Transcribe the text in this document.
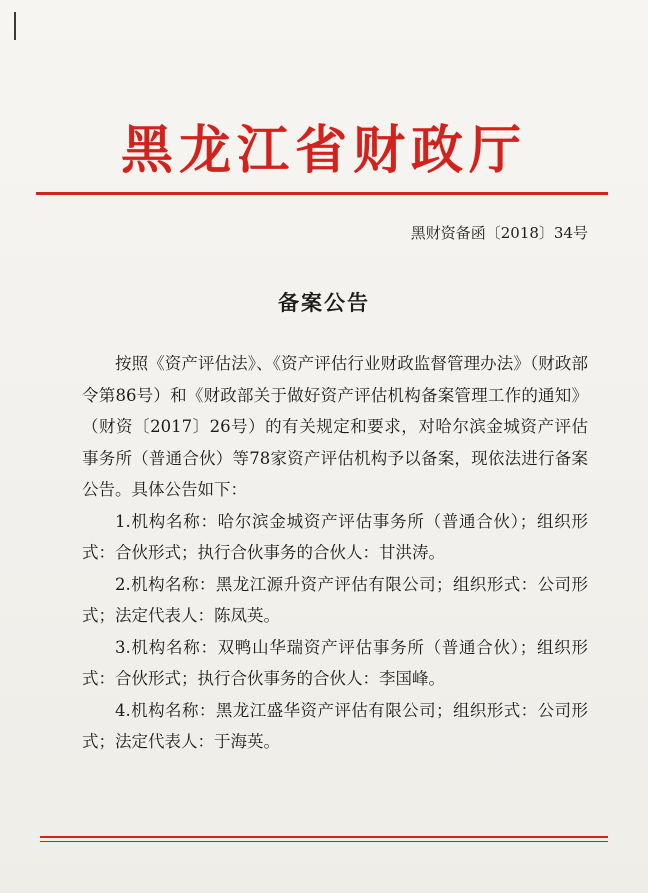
黑龙江省财政厅
黑财资备函〔2018〕34号
备案公告

按照《资产评估法》、《资产评估行业财政监督管理办法》（财政部令第86号）和《财政部关于做好资产评估机构备案管理工作的通知》（财资〔2017〕26号）的有关规定和要求，对哈尔滨金城资产评估事务所（普通合伙）等78家资产评估机构予以备案，现依法进行备案公告。具体公告如下：

1.机构名称：哈尔滨金城资产评估事务所（普通合伙）；组织形式：合伙形式；执行合伙事务的合伙人：甘洪涛。

2.机构名称：黑龙江源升资产评估有限公司；组织形式：公司形式；法定代表人：陈凤英。

3.机构名称：双鸭山华瑞资产评估事务所（普通合伙）；组织形式：合伙形式；执行合伙事务的合伙人：李国峰。

4.机构名称：黑龙江盛华资产评估有限公司；组织形式：公司形式；法定代表人：于海英。
